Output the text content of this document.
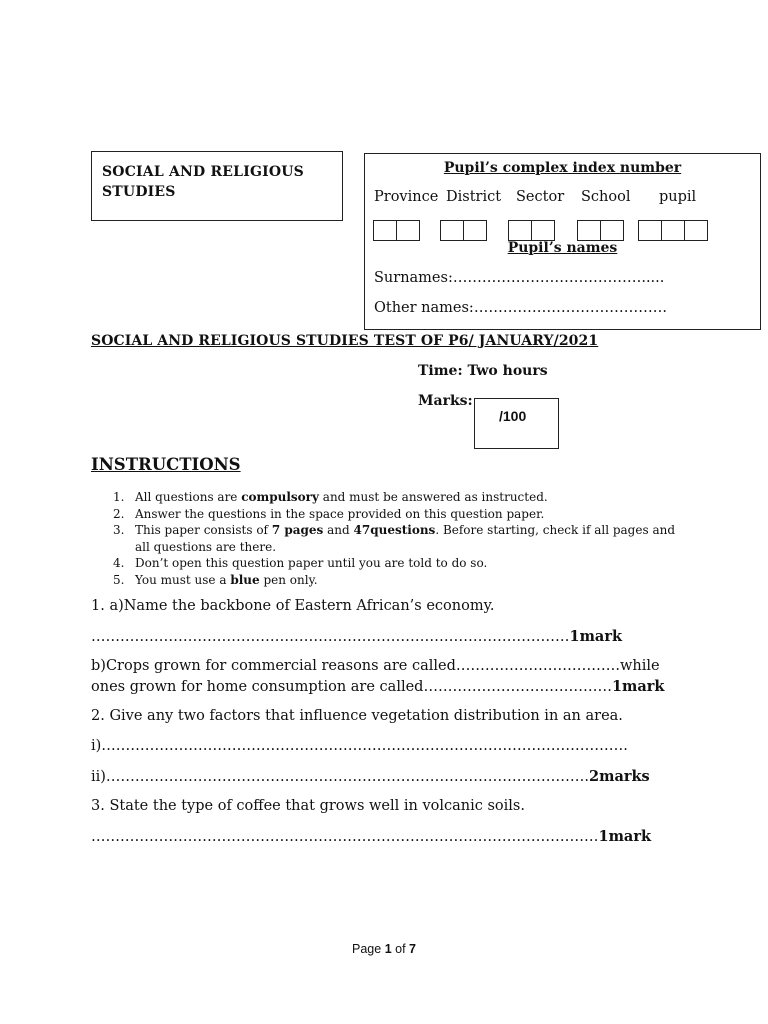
SOCIAL AND RELIGIOUS
STUDIES
Pupil’s complex index number
Province District Sector School pupil
Pupil’s names
Surnames:………………………………….....
Other names:………………………………….
SOCIAL AND RELIGIOUS STUDIES TEST OF P6/ JANUARY/2021
Time: Two hours
Marks:
/100
INSTRUCTIONS
1. All questions are compulsory and must be answered as instructed.
2. Answer the questions in the space provided on this question paper.
3. This paper consists of 7 pages and 47questions. Before starting, check if all pages and all questions are there.
4. Don’t open this question paper until you are told to do so.
5. You must use a blue pen only.
1. a)Name the backbone of Eastern African’s economy.
………………………………………………………………………………………1mark
b)Crops grown for commercial reasons are called…………………………….while
ones grown for home consumption are called…………………………………1mark
2. Give any two factors that influence vegetation distribution in an area.
i)……………………………………………………………………………………………….
ii)……………………………………………………………………………………….2marks
3. State the type of coffee that grows well in volcanic soils.
……………………………………………………………………………………………1mark
Page 1 of 7
